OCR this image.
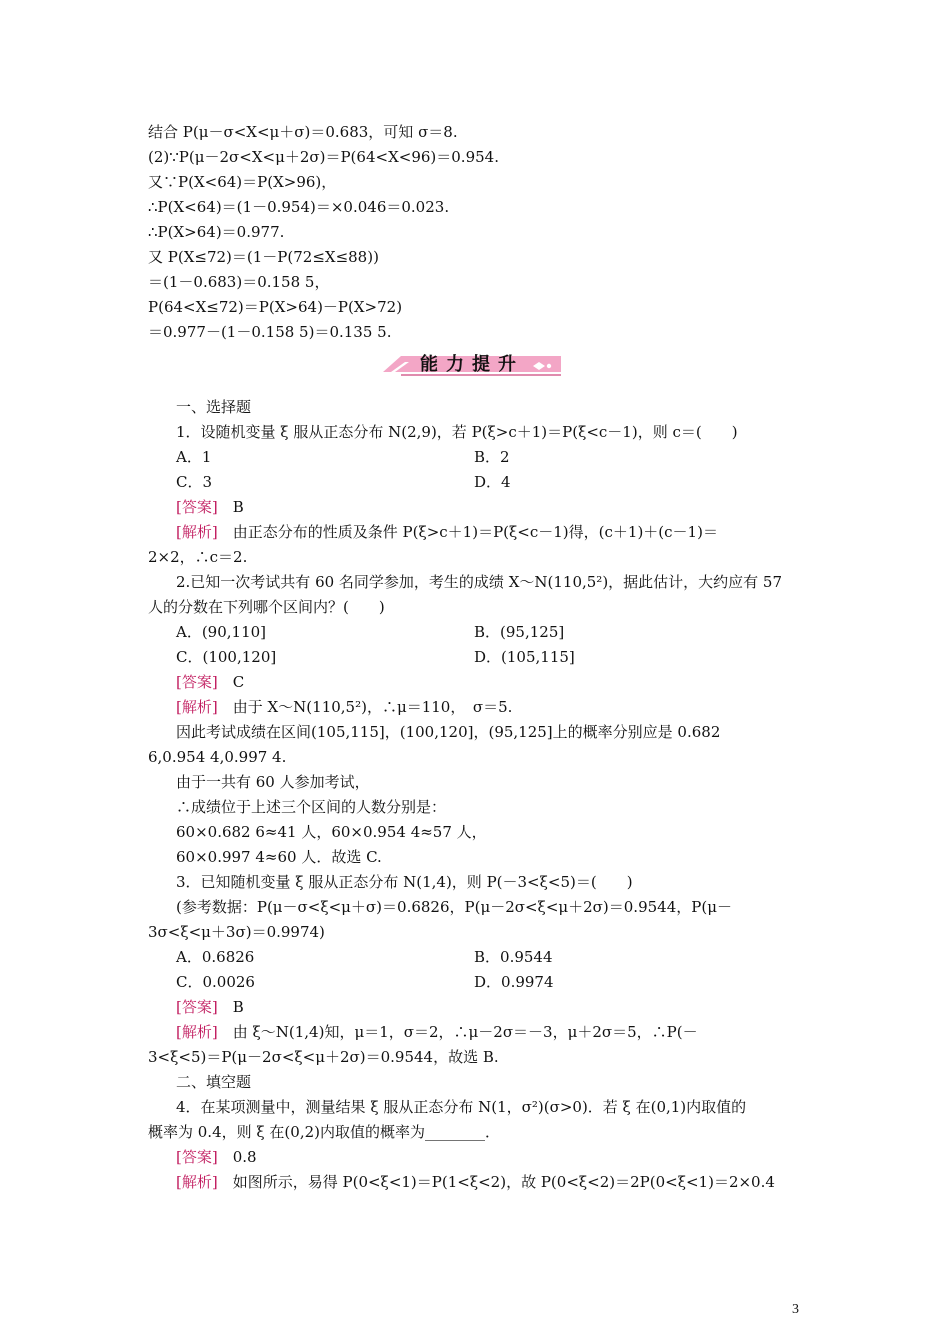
结合 P(μ－σ<X<μ＋σ)＝0.683，可知 σ＝8.
(2)∵P(μ－2σ<X<μ＋2σ)＝P(64<X<96)＝0.954.
又∵P(X<64)＝P(X>96)，
∴P(X<64)＝(1－0.954)＝×0.046＝0.023.
∴P(X>64)＝0.977.
又 P(X≤72)＝(1－P(72≤X≤88))
＝(1－0.683)＝0.158 5，
P(64<X≤72)＝P(X>64)－P(X>72)
＝0.977－(1－0.158 5)＝0.135 5.
能力提升
一、选择题
1．设随机变量 ξ 服从正态分布 N(2,9)，若 P(ξ>c＋1)＝P(ξ<c－1)，则 c＝(　　)
A．1	B．2
C．3	D．4
[答案]　 B
[解析]　 由正态分布的性质及条件 P(ξ>c＋1)＝P(ξ<c－1)得，(c＋1)＋(c－1)＝
2×2，∴c＝2.
2.已知一次考试共有 60 名同学参加，考生的成绩 X～N(110,5²)，据此估计，大约应有 57
人的分数在下列哪个区间内？(　　)
A．(90,110]	B．(95,125]
C．(100,120]	D．(105,115]
[答案]　 C
[解析]　 由于 X～N(110,5²)，∴μ＝110，　σ＝5.
因此考试成绩在区间(105,115]，(100,120]，(95,125]上的概率分别应是 0.682
6,0.954 4,0.997 4.
由于一共有 60 人参加考试，
∴成绩位于上述三个区间的人数分别是：
60×0.682 6≈41 人，60×0.954 4≈57 人，
60×0.997 4≈60 人．故选 C.
3．已知随机变量 ξ 服从正态分布 N(1,4)，则 P(－3<ξ<5)＝(　　)
(参考数据：P(μ－σ<ξ<μ＋σ)＝0.6826，P(μ－2σ<ξ<μ＋2σ)＝0.9544，P(μ－
3σ<ξ<μ＋3σ)＝0.9974)
A．0.6826	B．0.9544
C．0.0026	D．0.9974
[答案]　 B
[解析]　 由 ξ～N(1,4)知，μ＝1，σ＝2，∴μ－2σ＝－3，μ＋2σ＝5，∴P(－
3<ξ<5)＝P(μ－2σ<ξ<μ＋2σ)＝0.9544，故选 B.
二、填空题
4．在某项测量中，测量结果 ξ 服从正态分布 N(1，σ²)(σ>0)．若 ξ 在(0,1)内取值的
概率为 0.4，则 ξ 在(0,2)内取值的概率为________．
[答案]　 0.8
[解析]　 如图所示，易得 P(0<ξ<1)＝P(1<ξ<2)，故 P(0<ξ<2)＝2P(0<ξ<1)＝2×0.4
3
